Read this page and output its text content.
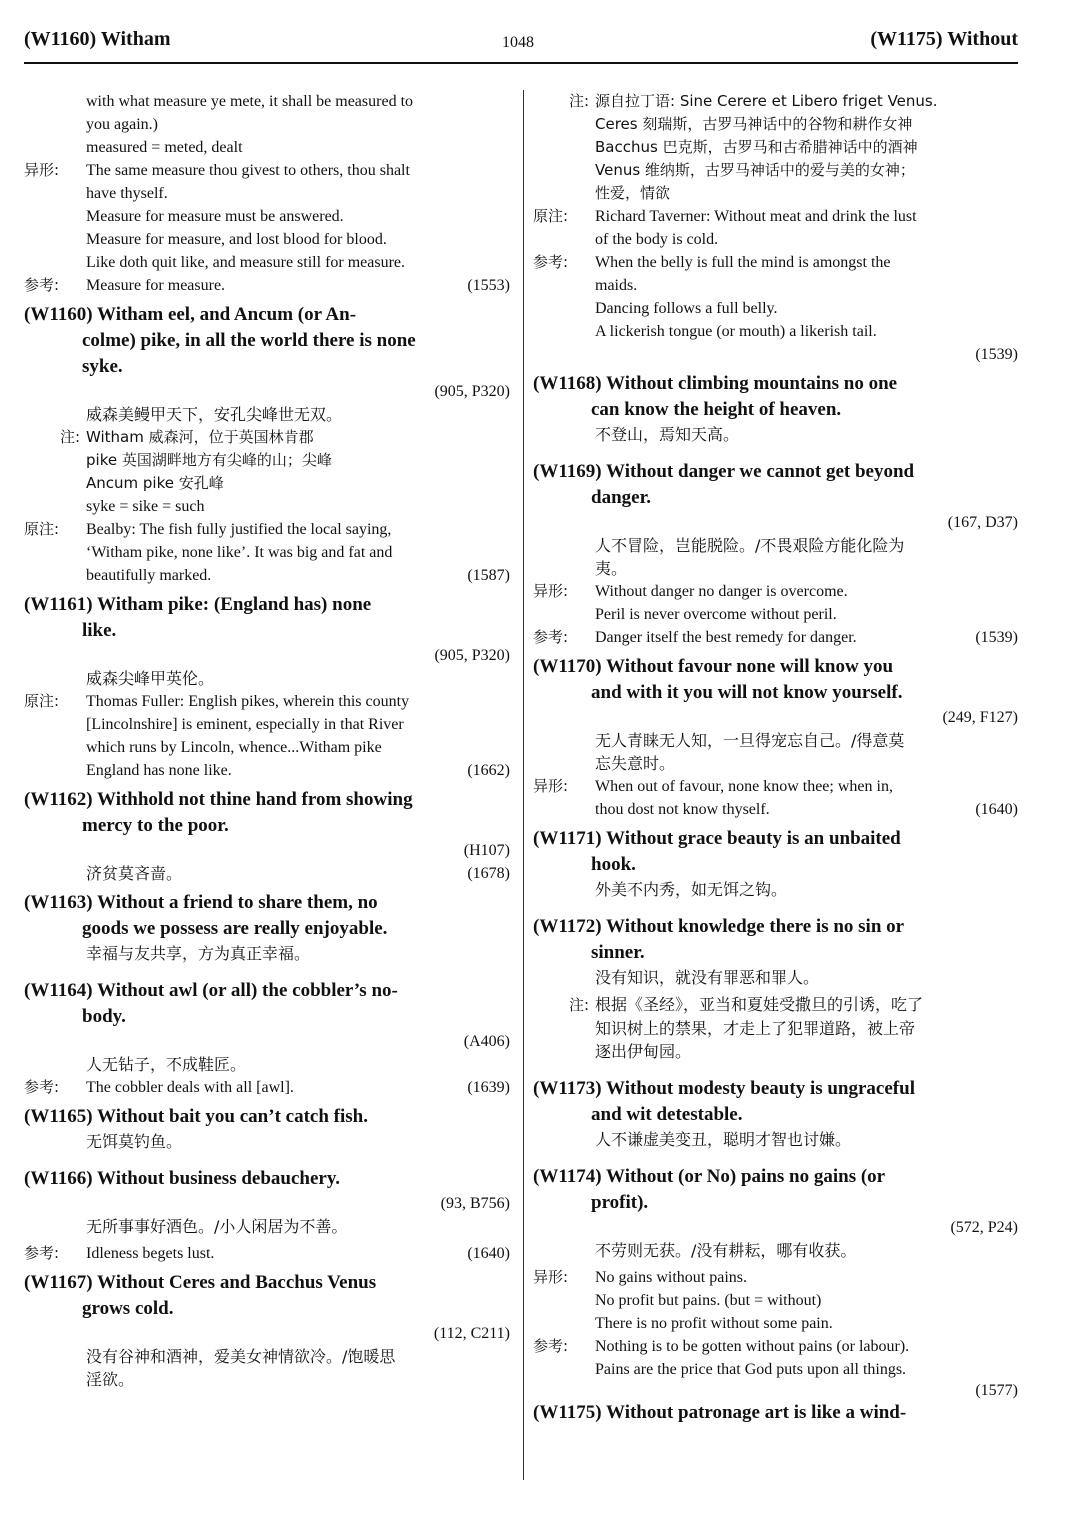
(W1160) Witham	1048	(W1175) Without
with what measure ye mete, it shall be measured to
you again.)
measured = meted, dealt
异形: The same measure thou givest to others, thou shalt
have thyself.
Measure for measure must be answered.
Measure for measure, and lost blood for blood.
Like doth quit like, and measure still for measure.
参考: Measure for measure.	(1553)
(W1160) Witham eel, and Ancum (or An-
colme) pike, in all the world there is none
syke.
(905, P320)
威森美鳗甲天下，安孔尖峰世无双。
注: Witham 威森河，位于英国林肯郡
pike 英国湖畔地方有尖峰的山；尖峰
Ancum pike 安孔峰
syke = sike = such
原注: Bealby: The fish fully justified the local saying,
‘Witham pike, none like’. It was big and fat and
beautifully marked.	(1587)
(W1161) Witham pike: (England has) none
like.
(905, P320)
威森尖峰甲英伦。
原注: Thomas Fuller: English pikes, wherein this county
[Lincolnshire] is eminent, especially in that River
which runs by Lincoln, whence...Witham pike
England has none like.	(1662)
(W1162) Withhold not thine hand from showing
mercy to the poor.
(H107)
济贫莫吝啬。	(1678)
(W1163) Without a friend to share them, no
goods we possess are really enjoyable.
幸福与友共享，方为真正幸福。
(W1164) Without awl (or all) the cobbler’s no-
body.
(A406)
人无钻子，不成鞋匠。
参考: The cobbler deals with all [awl].	(1639)
(W1165) Without bait you can’t catch fish.
无饵莫钓鱼。
(W1166) Without business debauchery.
(93, B756)
无所事事好酒色。/小人闲居为不善。
参考: Idleness begets lust.	(1640)
(W1167) Without Ceres and Bacchus Venus
grows cold.
(112, C211)
没有谷神和酒神，爱美女神情欲冷。/饱暖思
淫欲。
注: 源自拉丁语: Sine Cerere et Libero friget Venus.
Ceres 刻瑞斯，古罗马神话中的谷物和耕作女神
Bacchus 巴克斯，古罗马和古希腊神话中的酒神
Venus 维纳斯，古罗马神话中的爱与美的女神；
性爱，情欲
原注: Richard Taverner: Without meat and drink the lust
of the body is cold.
参考: When the belly is full the mind is amongst the
maids.
Dancing follows a full belly.
A lickerish tongue (or mouth) a likerish tail.
(1539)
(W1168) Without climbing mountains no one
can know the height of heaven.
不登山，焉知天高。
(W1169) Without danger we cannot get beyond
danger.
(167, D37)
人不冒险，岂能脱险。/不畏艰险方能化险为
夷。
异形: Without danger no danger is overcome.
Peril is never overcome without peril.
参考: Danger itself the best remedy for danger.	(1539)
(W1170) Without favour none will know you
and with it you will not know yourself.
(249, F127)
无人青睐无人知，一旦得宠忘自己。/得意莫
忘失意时。
异形: When out of favour, none know thee; when in,
thou dost not know thyself.	(1640)
(W1171) Without grace beauty is an unbaited
hook.
外美不内秀，如无饵之钩。
(W1172) Without knowledge there is no sin or
sinner.
没有知识，就没有罪恶和罪人。
注: 根据《圣经》，亚当和夏娃受撒旦的引诱，吃了
知识树上的禁果，才走上了犯罪道路，被上帝
逐出伊甸园。
(W1173) Without modesty beauty is ungraceful
and wit detestable.
人不谦虚美变丑，聪明才智也讨嫌。
(W1174) Without (or No) pains no gains (or
profit).
(572, P24)
不劳则无获。/没有耕耘，哪有收获。
异形: No gains without pains.
No profit but pains. (but = without)
There is no profit without some pain.
参考: Nothing is to be gotten without pains (or labour).
Pains are the price that God puts upon all things.
(1577)
(W1175) Without patronage art is like a wind-
